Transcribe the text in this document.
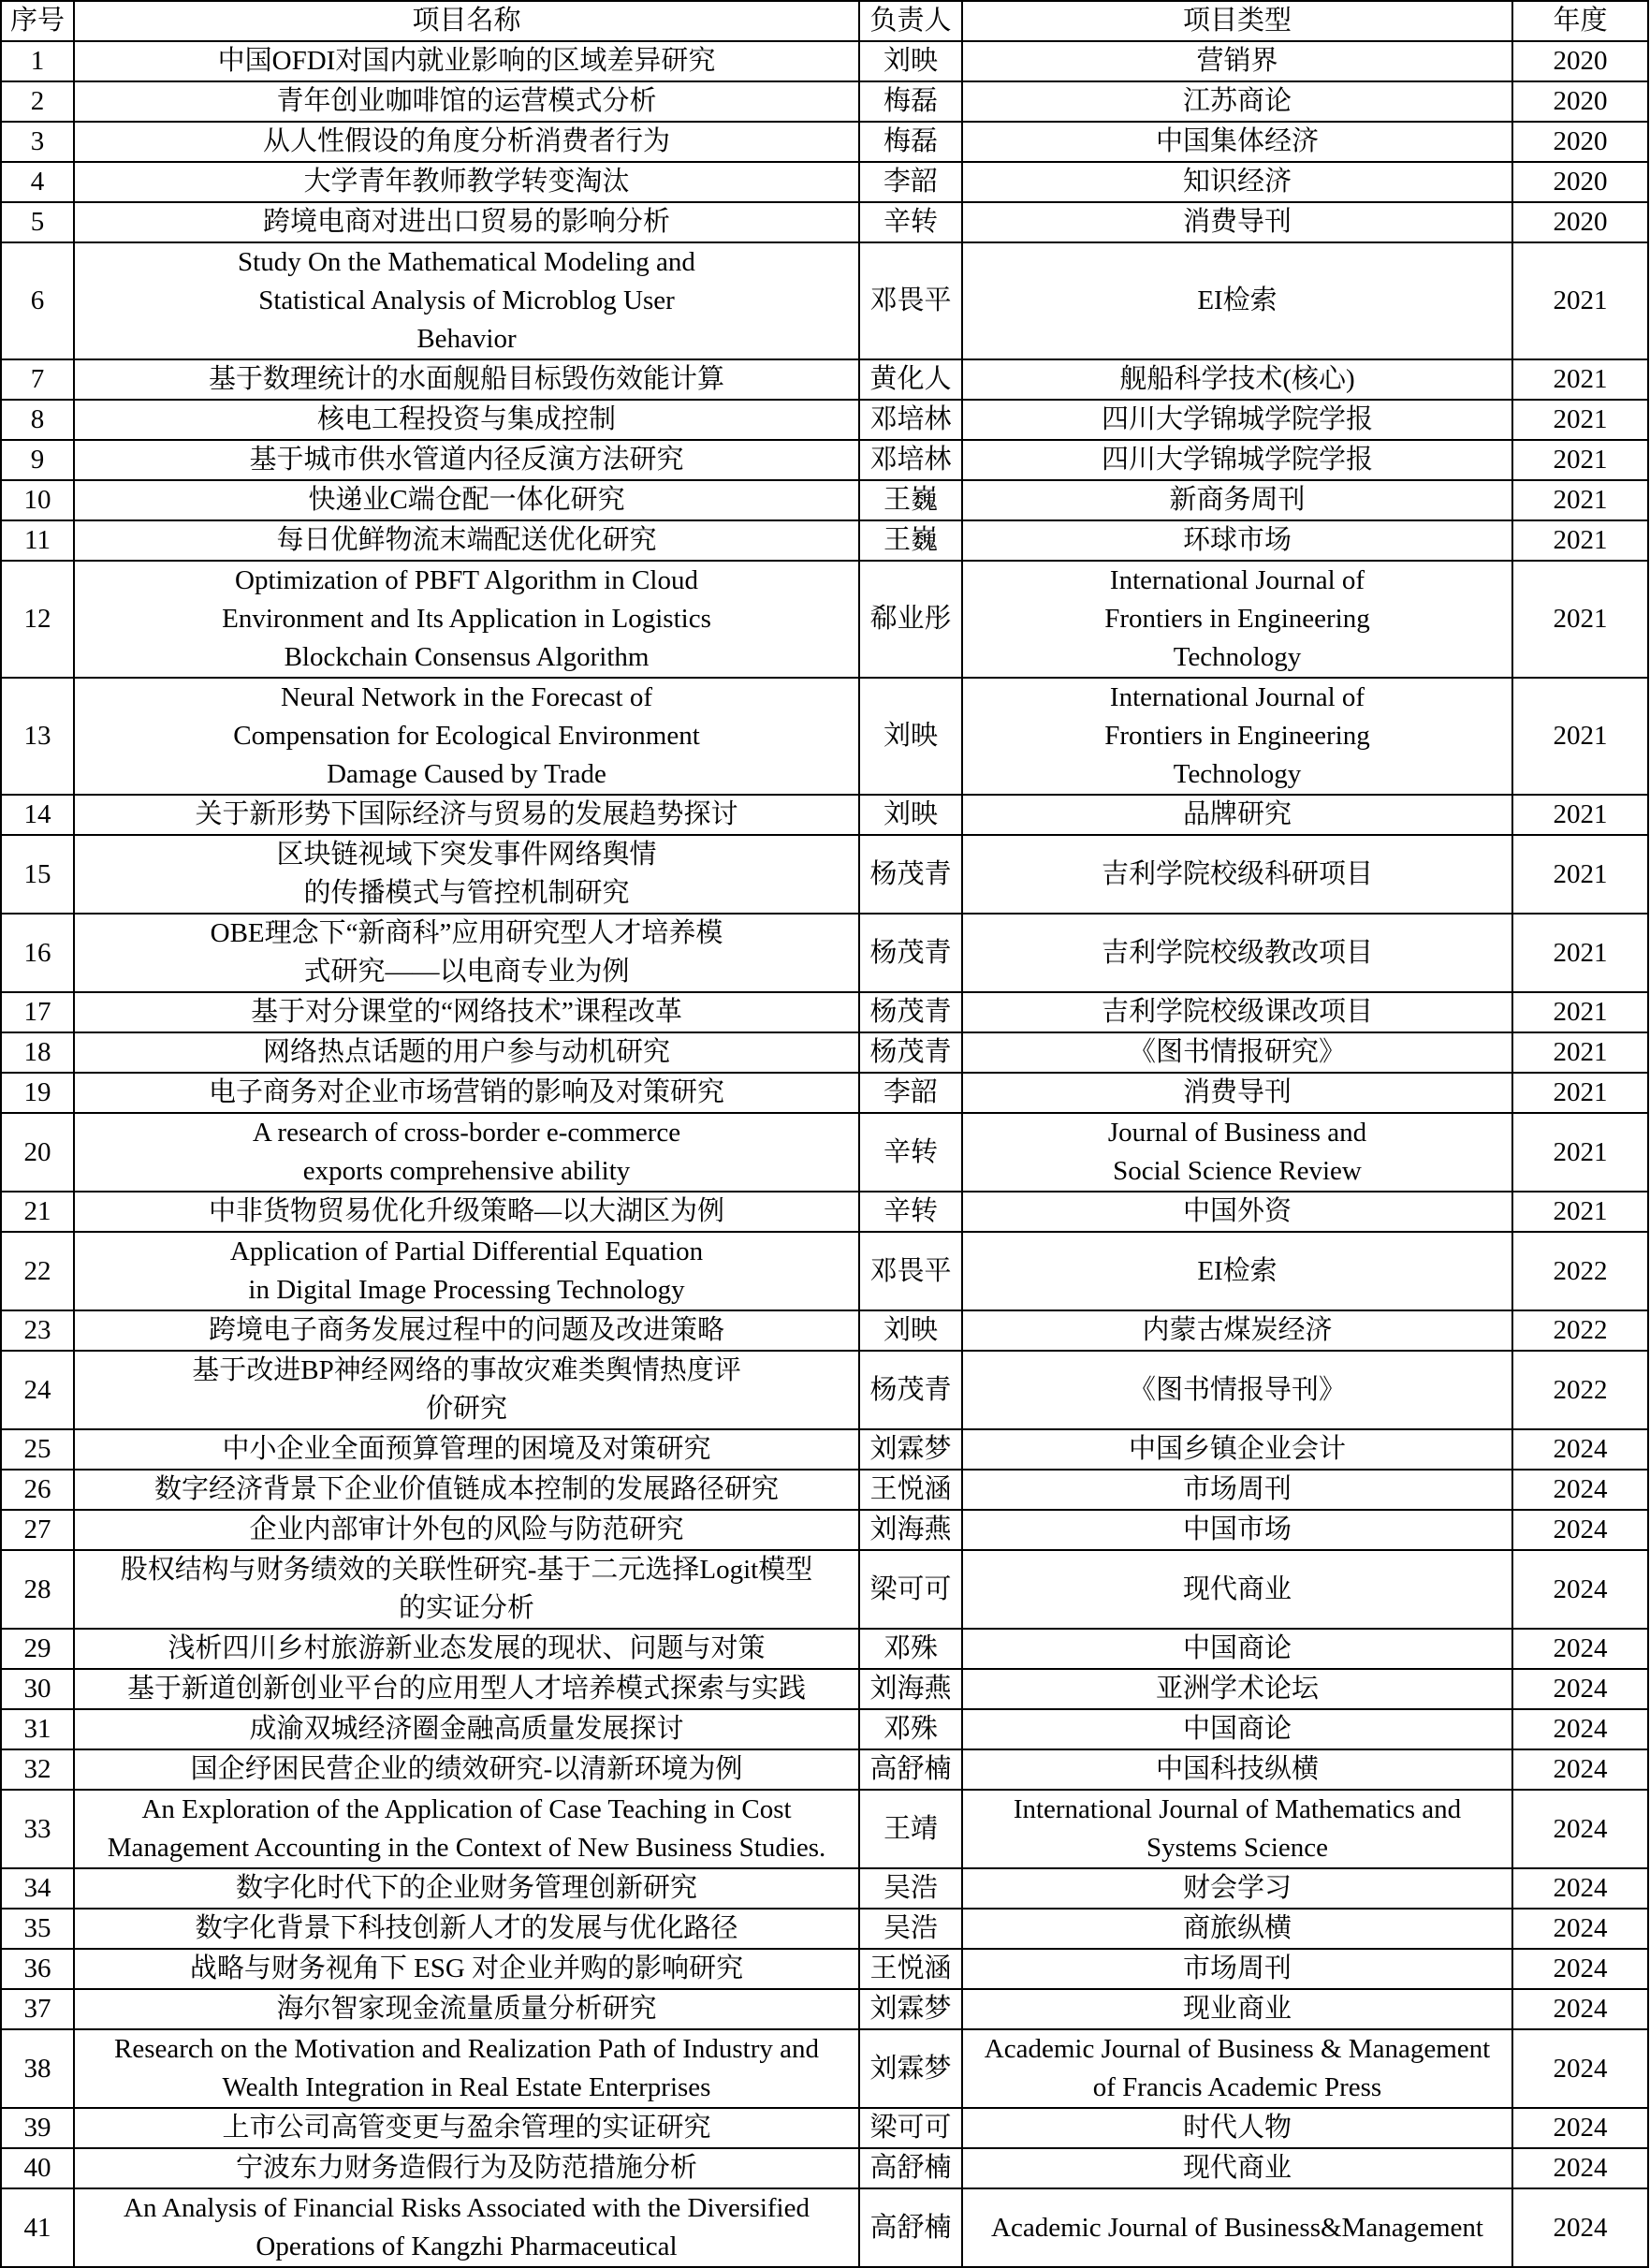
序号	项目名称	负责人	项目类型	年度
1	中国OFDI对国内就业影响的区域差异研究	刘映	营销界	2020
2	青年创业咖啡馆的运营模式分析	梅磊	江苏商论	2020
3	从人性假设的角度分析消费者行为	梅磊	中国集体经济	2020
4	大学青年教师教学转变淘汰	李韶	知识经济	2020
5	跨境电商对进出口贸易的影响分析	辛转	消费导刊	2020
6	Study On the Mathematical Modeling and
Statistical Analysis of Microblog User
Behavior	邓畏平	EI检索	2021
7	基于数理统计的水面舰船目标毁伤效能计算	黄化人	舰船科学技术(核心)	2021
8	核电工程投资与集成控制	邓培林	四川大学锦城学院学报	2021
9	基于城市供水管道内径反演方法研究	邓培林	四川大学锦城学院学报	2021
10	快递业C端仓配一体化研究	王巍	新商务周刊	2021
11	每日优鲜物流末端配送优化研究	王巍	环球市场	2021
12	Optimization of PBFT Algorithm in Cloud
Environment and Its Application in Logistics
Blockchain Consensus Algorithm	郗业彤	International Journal of
Frontiers in Engineering
Technology	2021
13	Neural Network in the Forecast of
Compensation for Ecological Environment
Damage Caused by Trade	刘映	International Journal of
Frontiers in Engineering
Technology	2021
14	关于新形势下国际经济与贸易的发展趋势探讨	刘映	品牌研究	2021
15	区块链视域下突发事件网络舆情
的传播模式与管控机制研究	杨茂青	吉利学院校级科研项目	2021
16	OBE理念下“新商科”应用研究型人才培养模
式研究——以电商专业为例	杨茂青	吉利学院校级教改项目	2021
17	基于对分课堂的“网络技术”课程改革	杨茂青	吉利学院校级课改项目	2021
18	网络热点话题的用户参与动机研究	杨茂青	《图书情报研究》	2021
19	电子商务对企业市场营销的影响及对策研究	李韶	消费导刊	2021
20	A research of cross-border e-commerce
exports comprehensive ability	辛转	Journal of Business and
Social Science Review	2021
21	中非货物贸易优化升级策略—以大湖区为例	辛转	中国外资	2021
22	Application of Partial Differential Equation
in Digital Image Processing Technology	邓畏平	EI检索	2022
23	跨境电子商务发展过程中的问题及改进策略	刘映	内蒙古煤炭经济	2022
24	基于改进BP神经网络的事故灾难类舆情热度评
价研究	杨茂青	《图书情报导刊》	2022
25	中小企业全面预算管理的困境及对策研究	刘霖梦	中国乡镇企业会计	2024
26	数字经济背景下企业价值链成本控制的发展路径研究	王悦涵	市场周刊	2024
27	企业内部审计外包的风险与防范研究	刘海燕	中国市场	2024
28	股权结构与财务绩效的关联性研究-基于二元选择Logit模型
的实证分析	梁可可	现代商业	2024
29	浅析四川乡村旅游新业态发展的现状、问题与对策	邓殊	中国商论	2024
30	基于新道创新创业平台的应用型人才培养模式探索与实践	刘海燕	亚洲学术论坛	2024
31	成渝双城经济圈金融高质量发展探讨	邓殊	中国商论	2024
32	国企纾困民营企业的绩效研究-以清新环境为例	高舒楠	中国科技纵横	2024
33	An Exploration of the Application of Case Teaching in Cost
Management Accounting in the Context of New Business Studies.	王靖	International Journal of Mathematics and
Systems Science	2024
34	数字化时代下的企业财务管理创新研究	吴浩	财会学习	2024
35	数字化背景下科技创新人才的发展与优化路径	吴浩	商旅纵横	2024
36	战略与财务视角下 ESG 对企业并购的影响研究	王悦涵	市场周刊	2024
37	海尔智家现金流量质量分析研究	刘霖梦	现业商业	2024
38	Research on the Motivation and Realization Path of Industry and
Wealth Integration in Real Estate Enterprises	刘霖梦	Academic Journal of Business & Management
of Francis Academic Press	2024
39	上市公司高管变更与盈余管理的实证研究	梁可可	时代人物	2024
40	宁波东力财务造假行为及防范措施分析	高舒楠	现代商业	2024
41	An Analysis of Financial Risks Associated with the Diversified
Operations of Kangzhi Pharmaceutical	高舒楠	Academic Journal of Business&Management	2024
